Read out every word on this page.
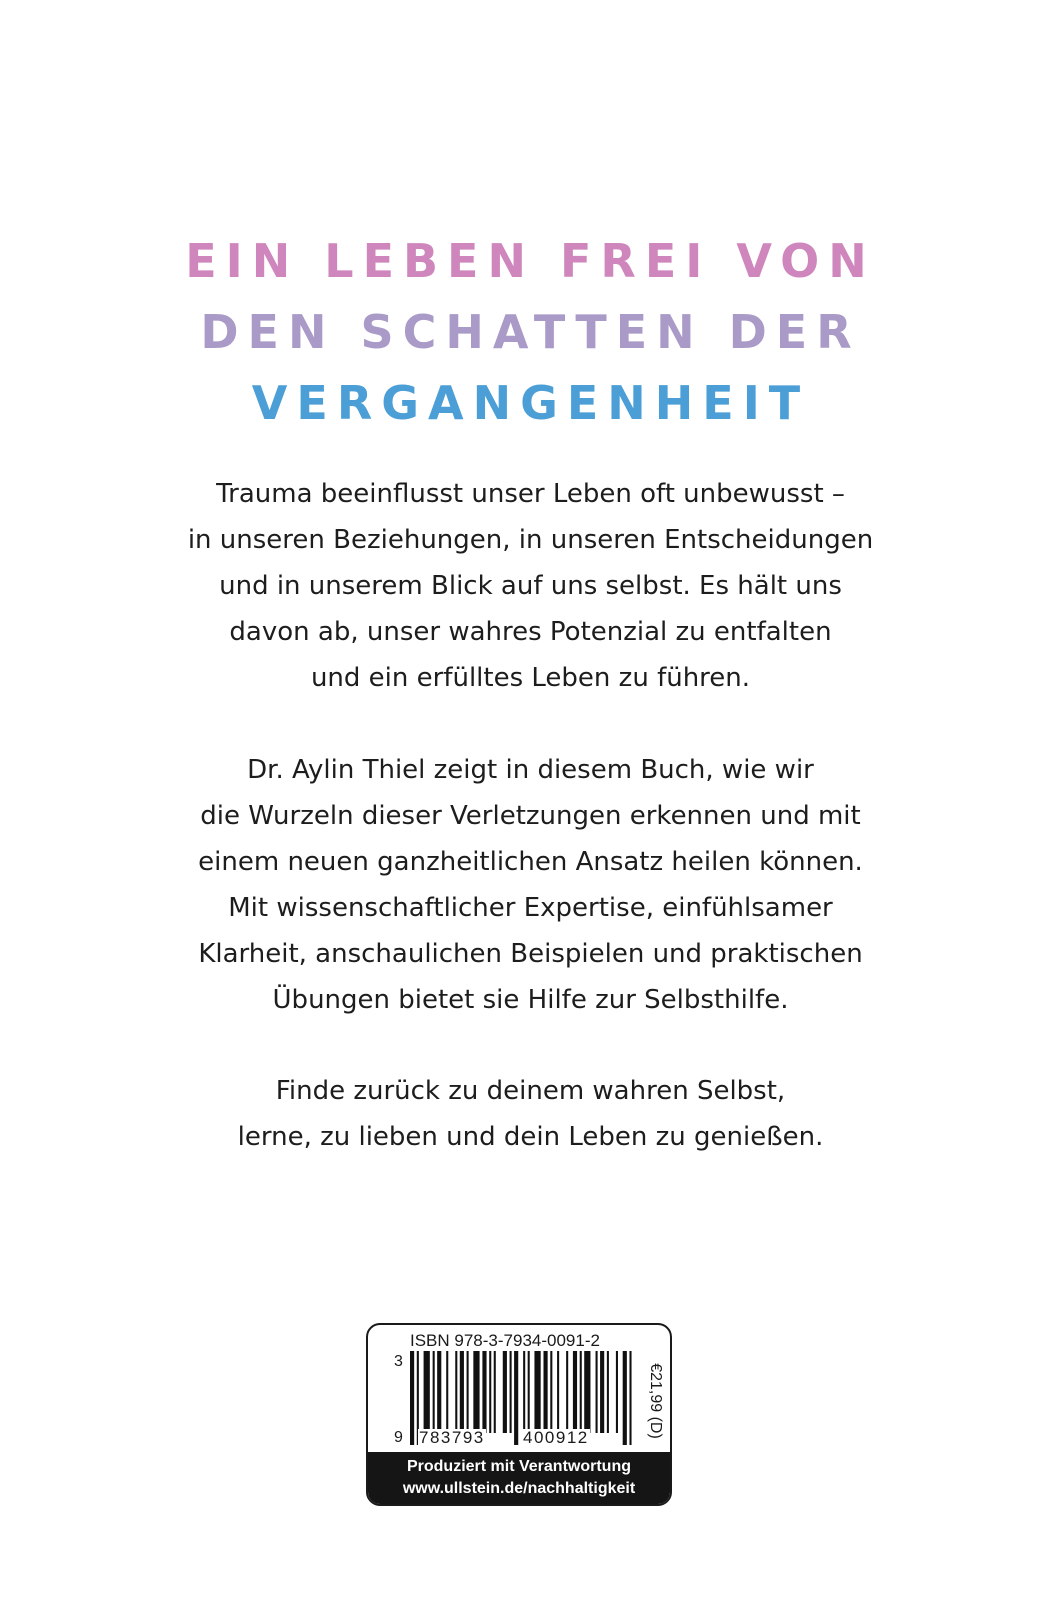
EIN LEBEN FREI VON
DEN SCHATTEN DER
VERGANGENHEIT

Trauma beeinflusst unser Leben oft unbewusst –
in unseren Beziehungen, in unseren Entscheidungen
und in unserem Blick auf uns selbst. Es hält uns
davon ab, unser wahres Potenzial zu entfalten
und ein erfülltes Leben zu führen.

Dr. Aylin Thiel zeigt in diesem Buch, wie wir
die Wurzeln dieser Verletzungen erkennen und mit
einem neuen ganzheitlichen Ansatz heilen können.
Mit wissenschaftlicher Expertise, einfühlsamer
Klarheit, anschaulichen Beispielen und praktischen
Übungen bietet sie Hilfe zur Selbsthilfe.

Finde zurück zu deinem wahren Selbst,
lerne, zu lieben und dein Leben zu genießen.

ISBN 978-3-7934-0091-2
3
9 783793 400912	€21,99 (D)
Produziert mit Verantwortung
www.ullstein.de/nachhaltigkeit
